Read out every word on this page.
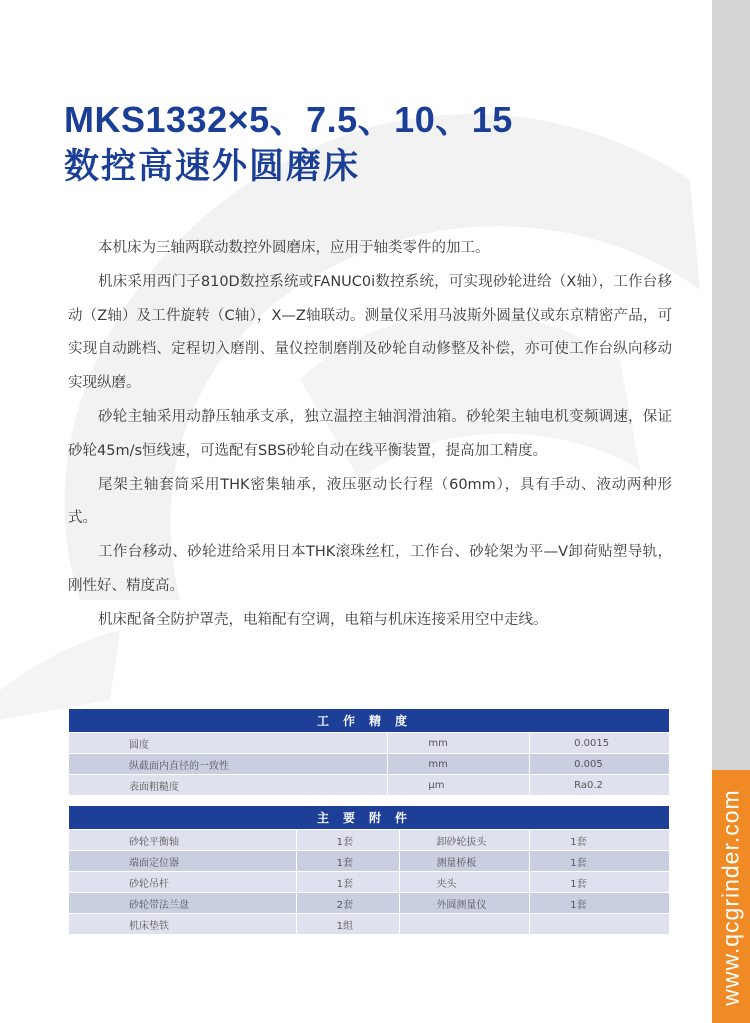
www.qcgrinder.com
MKS1332×5、7.5、10、15
数控高速外圆磨床

本机床为三轴两联动数控外圆磨床，应用于轴类零件的加工。

机床采用西门子810D数控系统或FANUC0i数控系统，可实现砂轮进给（X轴），工作台移动（Z轴）及工件旋转（C轴），X—Z轴联动。测量仪采用马波斯外圆量仪或东京精密产品，可实现自动跳档、定程切入磨削、量仪控制磨削及砂轮自动修整及补偿，亦可使工作台纵向移动实现纵磨。

砂轮主轴采用动静压轴承支承，独立温控主轴润滑油箱。砂轮架主轴电机变频调速，保证砂轮45m/s恒线速，可选配有SBS砂轮自动在线平衡装置，提高加工精度。

尾架主轴套筒采用THK密集轴承，液压驱动长行程（60mm），具有手动、液动两种形式。

工作台移动、砂轮进给采用日本THK滚珠丝杠，工作台、砂轮架为平—V卸荷贴塑导轨，刚性好、精度高。

机床配备全防护罩壳，电箱配有空调，电箱与机床连接采用空中走线。

工作精度		
圆度	mm	0.0015
纵截面内直径的一致性	mm	0.005
表面粗糙度	μm	Ra0.2
主要附件			
砂轮平衡轴	1套	卸砂轮拔头	1套
端面定位器	1套	测量桥板	1套
砂轮吊杆	1套	夹头	1套
砂轮带法兰盘	2套	外圆测量仪	1套
机床垫铁	1组		
